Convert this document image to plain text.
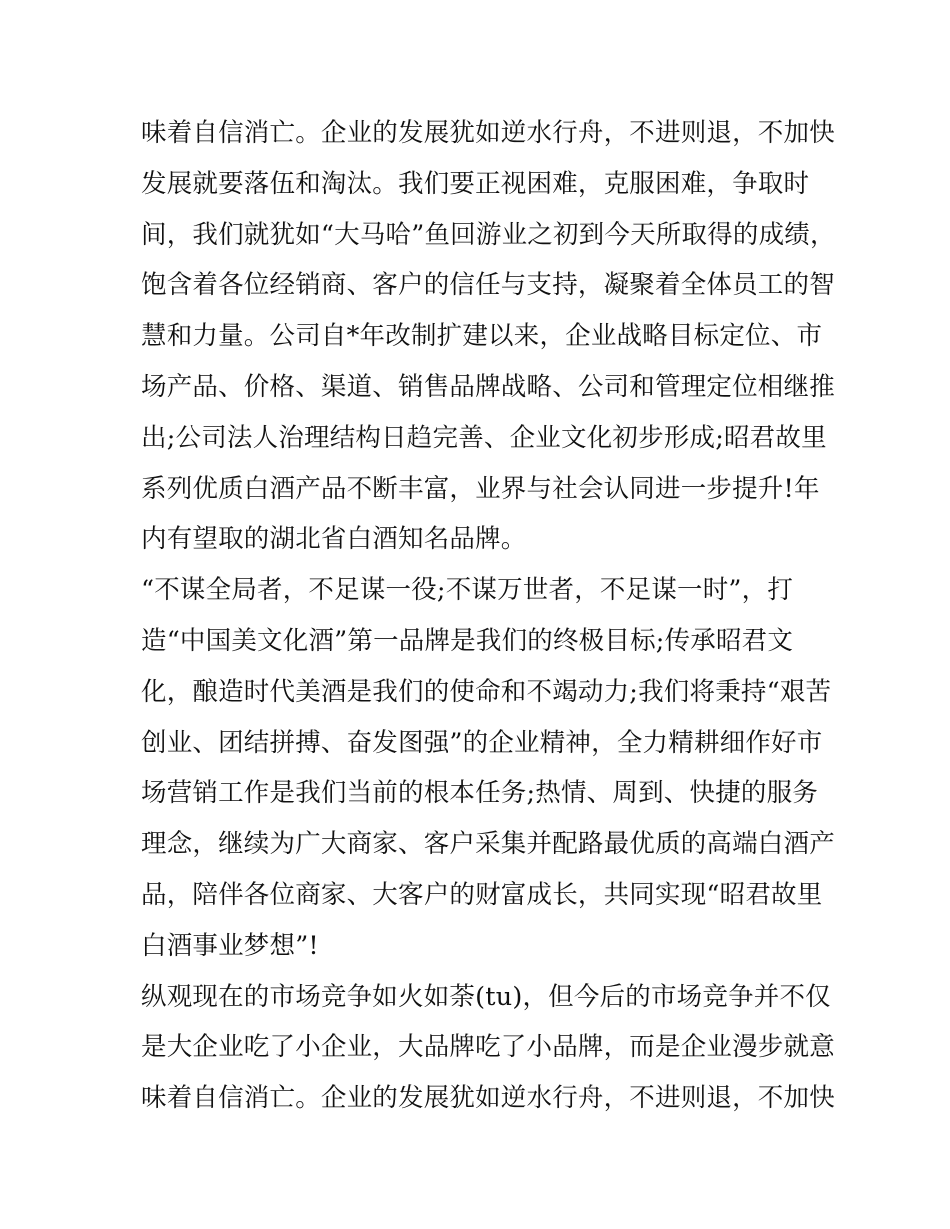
味着自信消亡。企业的发展犹如逆水行舟，不进则退，不加快
发展就要落伍和淘汰。我们要正视困难，克服困难，争取时
间，我们就犹如“大马哈”鱼回游业之初到今天所取得的成绩，
饱含着各位经销商、客户的信任与支持，凝聚着全体员工的智
慧和力量。公司自*年改制扩建以来，企业战略目标定位、市
场产品、价格、渠道、销售品牌战略、公司和管理定位相继推
出;公司法人治理结构日趋完善、企业文化初步形成;昭君故里
系列优质白酒产品不断丰富，业界与社会认同进一步提升!年
内有望取的湖北省白酒知名品牌。
“不谋全局者，不足谋一役;不谋万世者，不足谋一时”，打
造“中国美文化酒”第一品牌是我们的终极目标;传承昭君文
化，酿造时代美酒是我们的使命和不竭动力;我们将秉持“艰苦
创业、团结拼搏、奋发图强”的企业精神，全力精耕细作好市
场营销工作是我们当前的根本任务;热情、周到、快捷的服务
理念，继续为广大商家、客户采集并配路最优质的高端白酒产
品，陪伴各位商家、大客户的财富成长，共同实现“昭君故里
白酒事业梦想”!
纵观现在的市场竞争如火如荼(tu)，但今后的市场竞争并不仅
是大企业吃了小企业，大品牌吃了小品牌，而是企业漫步就意
味着自信消亡。企业的发展犹如逆水行舟，不进则退，不加快
